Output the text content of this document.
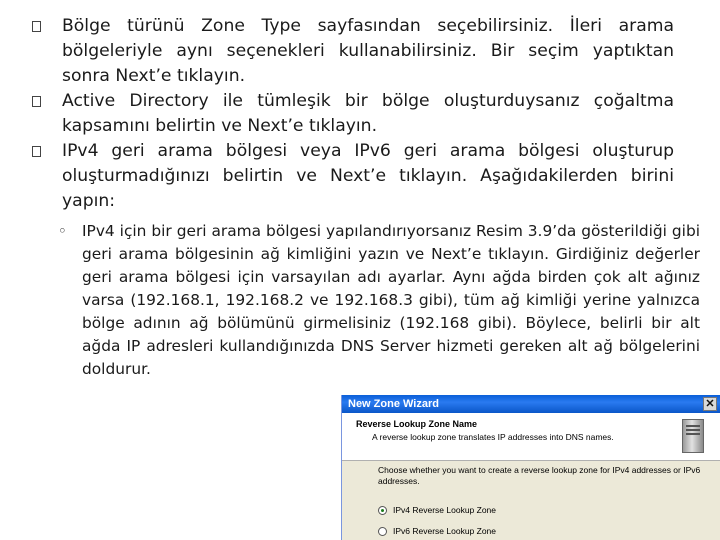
Bölge türünü Zone Type sayfasından seçebilirsiniz. İleri arama bölgeleriyle aynı seçenekleri kullanabilirsiniz. Bir seçim yaptıktan sonra Next’e tıklayın.
Active Directory ile tümleşik bir bölge oluşturduysanız çoğaltma kapsamını belirtin ve Next’e tıklayın.
IPv4 geri arama bölgesi veya IPv6 geri arama bölgesi oluşturup oluşturmadığınızı belirtin ve Next’e tıklayın. Aşağıdakilerden birini yapın:
◦ IPv4 için bir geri arama bölgesi yapılandırıyorsanız Resim 3.9’da gösterildiği gibi geri arama bölgesinin ağ kimliğini yazın ve Next’e tıklayın. Girdiğiniz değerler geri arama bölgesi için varsayılan adı ayarlar. Aynı ağda birden çok alt ağınız varsa (192.168.1, 192.168.2 ve 192.168.3 gibi), tüm ağ kimliği yerine yalnızca bölge adının ağ bölümünü girmelisiniz (192.168 gibi). Böylece, belirli bir alt ağda IP adresleri kullandığınızda DNS Server hizmeti gereken alt ağ bölgelerini doldurur.
New Zone Wizard	✕
Reverse Lookup Zone Name
A reverse lookup zone translates IP addresses into DNS names.
Choose whether you want to create a reverse lookup zone for IPv4 addresses or IPv6 addresses.
IPv4 Reverse Lookup Zone
IPv6 Reverse Lookup Zone
